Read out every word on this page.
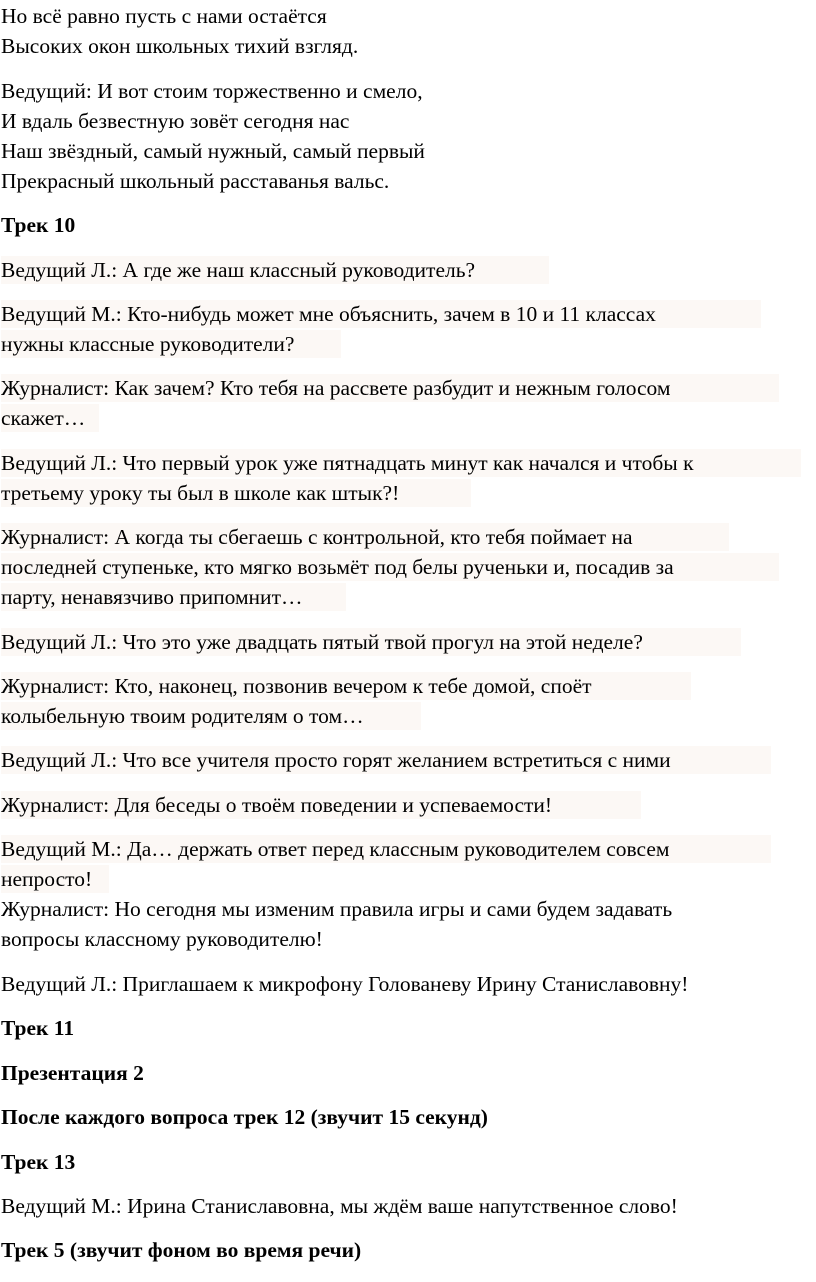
Но всё равно пусть с нами остаётся
Высоких окон школьных тихий взгляд.
Ведущий: И вот стоим торжественно и смело,
И вдаль безвестную зовёт сегодня нас
Наш звёздный, самый нужный, самый первый
Прекрасный школьный расставанья вальс.
Трек 10
Ведущий Л.: А где же наш классный руководитель?
Ведущий М.: Кто-нибудь может мне объяснить, зачем в 10 и 11 классах
нужны классные руководители?
Журналист: Как зачем? Кто тебя на рассвете разбудит и нежным голосом
скажет…
Ведущий Л.: Что первый урок уже пятнадцать минут как начался и чтобы к
третьему уроку ты был в школе как штык?!
Журналист: А когда ты сбегаешь с контрольной, кто тебя поймает на
последней ступеньке, кто мягко возьмёт под белы рученьки и, посадив за
парту, ненавязчиво припомнит…
Ведущий Л.: Что это уже двадцать пятый твой прогул на этой неделе?
Журналист: Кто, наконец, позвонив вечером к тебе домой, споёт
колыбельную твоим родителям о том…
Ведущий Л.: Что все учителя просто горят желанием встретиться с ними
Журналист: Для беседы о твоём поведении и успеваемости!
Ведущий М.: Да… держать ответ перед классным руководителем совсем
непросто!
Журналист: Но сегодня мы изменим правила игры и сами будем задавать
вопросы классному руководителю!
Ведущий Л.: Приглашаем к микрофону Голованеву Ирину Станиславовну!
Трек 11
Презентация 2
После каждого вопроса трек 12 (звучит 15 секунд)
Трек 13
Ведущий М.: Ирина Станиславовна, мы ждём ваше напутственное слово!
Трек 5 (звучит фоном во время речи)
